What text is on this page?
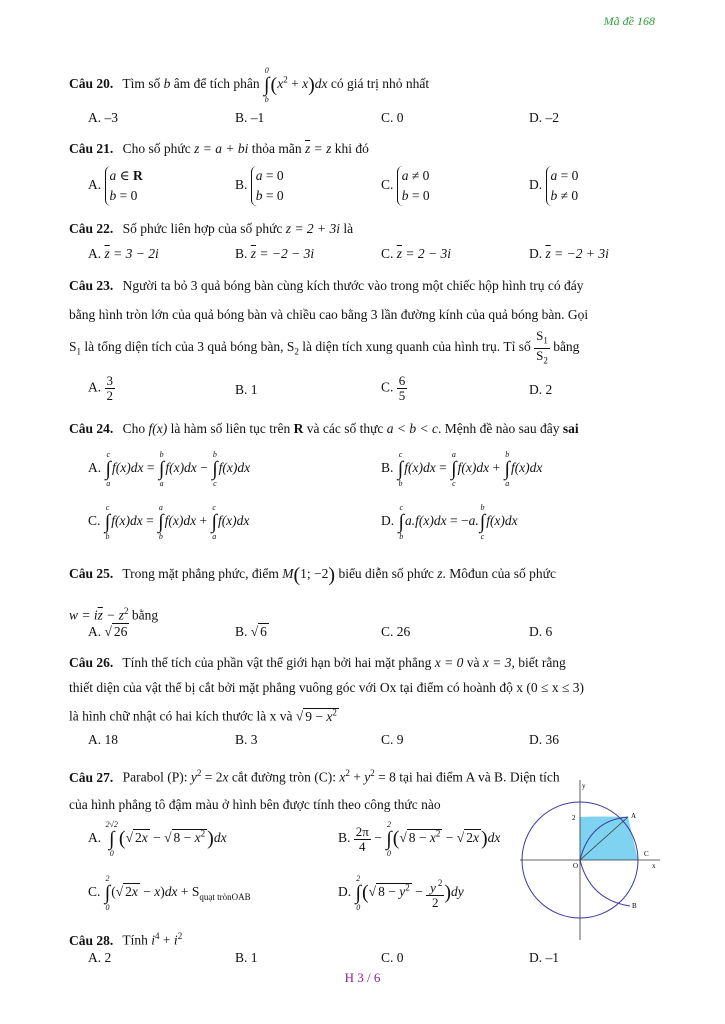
Mã đề 168
Câu 20. Tìm số b âm để tích phân
0
∫
b
$(x^2 + x)dx$ có giá trị nhỏ nhất
A. –3	B. –1	C. 0	D. –2
Câu 21. Cho số phức z = a + bi thỏa mãn $\overline{z} = z$ khi đó
A. a ∈ R
b = 0
B. a = 0
b = 0
C. a ≠ 0
b = 0
D. a = 0
b ≠ 0
Câu 22. Số phức liên hợp của số phức z = 2 + 3i là
A. $\overline{z} = 3 - 2i$	B. $\overline{z} = -2 - 3i$	C. $\overline{z} = 2 - 3i$	D. $\overline{z} = -2 + 3i$
Câu 23. Người ta bỏ 3 quả bóng bàn cùng kích thước vào trong một chiếc hộp hình trụ có đáy
bằng hình tròn lớn của quả bóng bàn và chiều cao bằng 3 lần đường kính của quả bóng bàn. Gọi
$S_1$ là tổng diện tích của 3 quả bóng bàn, $S_2$ là diện tích xung quanh của hình trụ. Tỉ số $\frac{S_1}{S_2}$ bằng
A. $\frac{3}{2}$	B. 1	C. $\frac{6}{5}$	D. 2
Câu 24. Cho f(x) là hàm số liên tục trên R và các số thực a < b < c. Mệnh đề nào sau đây sai
A.
c
∫
a
f(x)dx =
b
∫
a
f(x)dx −
b
∫
c
f(x)dx	B.
c
∫
b
f(x)dx =
a
∫
c
f(x)dx +
b
∫
a
f(x)dx
C.
c
∫
b
f(x)dx =
a
∫
b
f(x)dx +
c
∫
a
f(x)dx	D.
c
∫
b
a.f(x)dx = −a.
b
∫
c
f(x)dx
Câu 25. Trong mặt phẳng phức, điểm M(1; −2) biểu diễn số phức z. Môđun của số phức
$w = i\overline{z} - z^2$ bằng
A. √ 26	B. √ 6	C. 26	D. 6
Câu 26. Tính thể tích của phần vật thể giới hạn bởi hai mặt phẳng x = 0 và x = 3, biết rằng
thiết diện của vật thể bị cắt bởi mặt phẳng vuông góc với Ox tại điểm có hoành độ x (0 ≤ x ≤ 3)
là hình chữ nhật có hai kích thước là x và √ $9 - x^2$
A. 18	B. 3	C. 9	D. 36
Câu 27. Parabol (P): $y^2 = 2x$ cắt đường tròn (C): $x^2 + y^2 = 8$ tại hai điểm A và B. Diện tích
của hình phẳng tô đậm màu ở hình bên được tính theo công thức nào
A.
2√2
∫
0
(√ 2x − √ $8 - x^2$ )dx	B. $\frac{2\pi}{4}$ −
2
∫
0
(√ $8 - x^2$ − √ 2x )dx
C.
2
∫
0
(√ $2x - x)dx + S_{quạt trònOAB}$	D.
2
∫
0
(√ $8 - y^2 - \frac{y ^2}{2} )dy$
A
B
C
O
2
y
x
Câu 28. Tính $i^4 + i^2$
A. 2	B. 1	C. 0	D. –1
H 3 / 6
